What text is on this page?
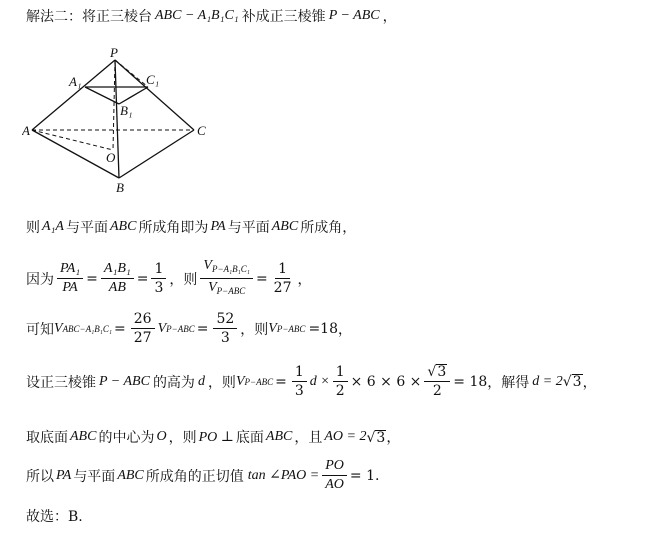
解法二：将正三棱台 ABC − A₁B₁C₁ 补成正三棱锥 P − ABC ，
P
A₁	C₁
B₁
A	C
O
B
则 A₁A 与平面 ABC 所成角即为 PA 与平面 ABC 所成角，
因为 $\frac{\text{PA₁}}{PA} = \frac{\text{A₁B₁}}{AB} = \frac{1}{3}$ ，则 $\frac{V_{P-A_1B_1C_1}}{V_{P-ABC}} = \frac{1}{27}$ ，
可知 V $ABC-A_1B_1C_1 = \frac{26}{27}$ V $P-ABC = \frac{52}{3}$ ，则 V P−ABC =18 ，
设正三棱锥 P − ABC 的高为 d ，则 V $P-ABC = \frac{1}{3}$ $d \times \frac{1}{2} \times 6 \times 6 \times \frac{√ 3}{2} = 18$ ，解得 d = 2 √ 3 ，
取底面 ABC 的中心为 O ，则 PO ⊥ 底面 ABC ，且 AO = 2 √ 3 ，
所以 PA 与平面 ABC 所成角的正切值 tan ∠PAO = $\frac{PO}{AO} = 1$.
故选：B.
